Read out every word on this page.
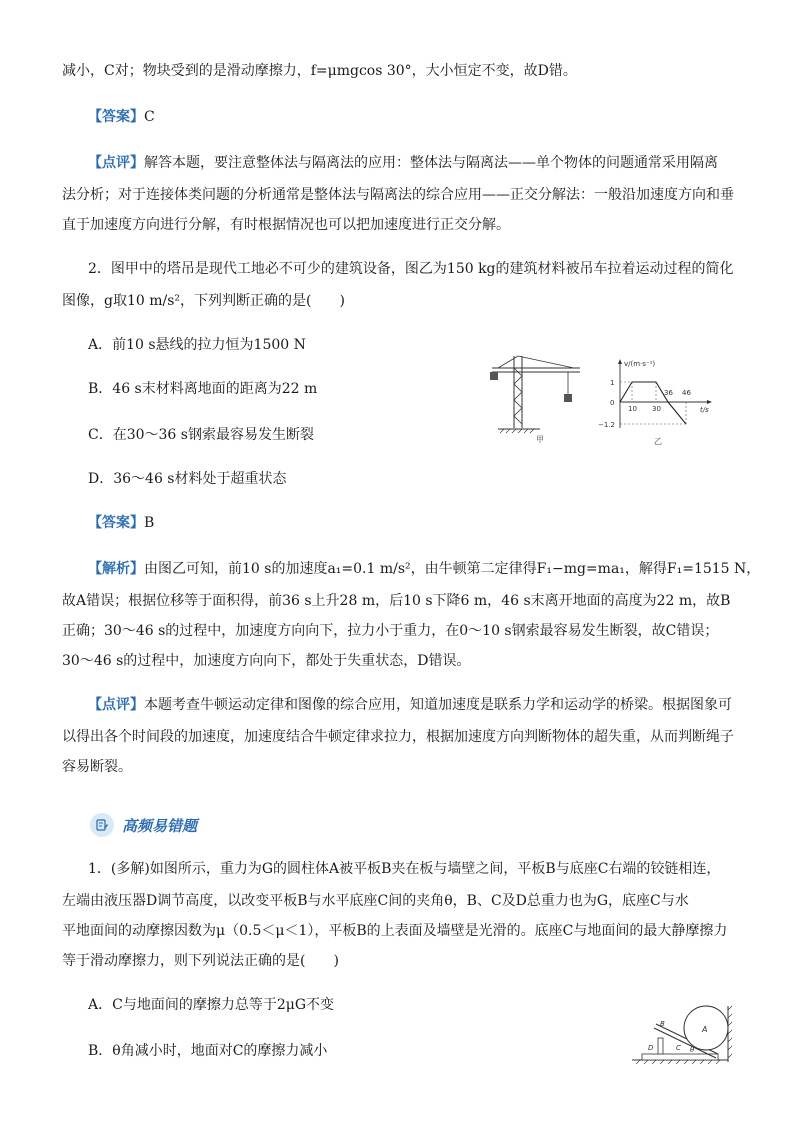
减小，C对；物块受到的是滑动摩擦力，f=μmgcos 30°，大小恒定不变，故D错。
【答案】C
【点评】解答本题，要注意整体法与隔离法的应用：整体法与隔离法——单个物体的问题通常采用隔离
法分析；对于连接体类问题的分析通常是整体法与隔离法的综合应用——正交分解法：一般沿加速度方向和垂
直于加速度方向进行分解，有时根据情况也可以把加速度进行正交分解。
2．图甲中的塔吊是现代工地必不可少的建筑设备，图乙为150 kg的建筑材料被吊车拉着运动过程的简化
图像，g取10 m/s²，下列判断正确的是(　　)
A．前10 s悬线的拉力恒为1500 N
B．46 s末材料离地面的距离为22 m
C．在30～36 s钢索最容易发生断裂
D．36～46 s材料处于超重状态
甲
v/(m·s⁻¹)
t/s
1
0
−1.2
10 30
36 46
乙
【答案】B
【解析】由图乙可知，前10 s的加速度a₁=0.1 m/s²，由牛顿第二定律得F₁−mg=ma₁，解得F₁=1515 N，
故A错误；根据位移等于面积得，前36 s上升28 m，后10 s下降6 m，46 s末离开地面的高度为22 m，故B
正确；30～46 s的过程中，加速度方向向下，拉力小于重力，在0～10 s钢索最容易发生断裂，故C错误；
30～46 s的过程中，加速度方向向下，都处于失重状态，D错误。
【点评】本题考查牛顿运动定律和图像的综合应用，知道加速度是联系力学和运动学的桥梁。根据图象可
以得出各个时间段的加速度，加速度结合牛顿定律求拉力，根据加速度方向判断物体的超失重，从而判断绳子
容易断裂。
高频易错题
1．(多解)如图所示，重力为G的圆柱体A被平板B夹在板与墙壁之间，平板B与底座C右端的铰链相连，
左端由液压器D调节高度，以改变平板B与水平底座C间的夹角θ，B、C及D总重力也为G，底座C与水
平地面间的动摩擦因数为μ（0.5＜μ＜1），平板B的上表面及墙壁是光滑的。底座C与地面间的最大静摩擦力
等于滑动摩擦力，则下列说法正确的是(　　)
A．C与地面间的摩擦力总等于2μG不变
B．θ角减小时，地面对C的摩擦力减小
A
B
C
D	θ
